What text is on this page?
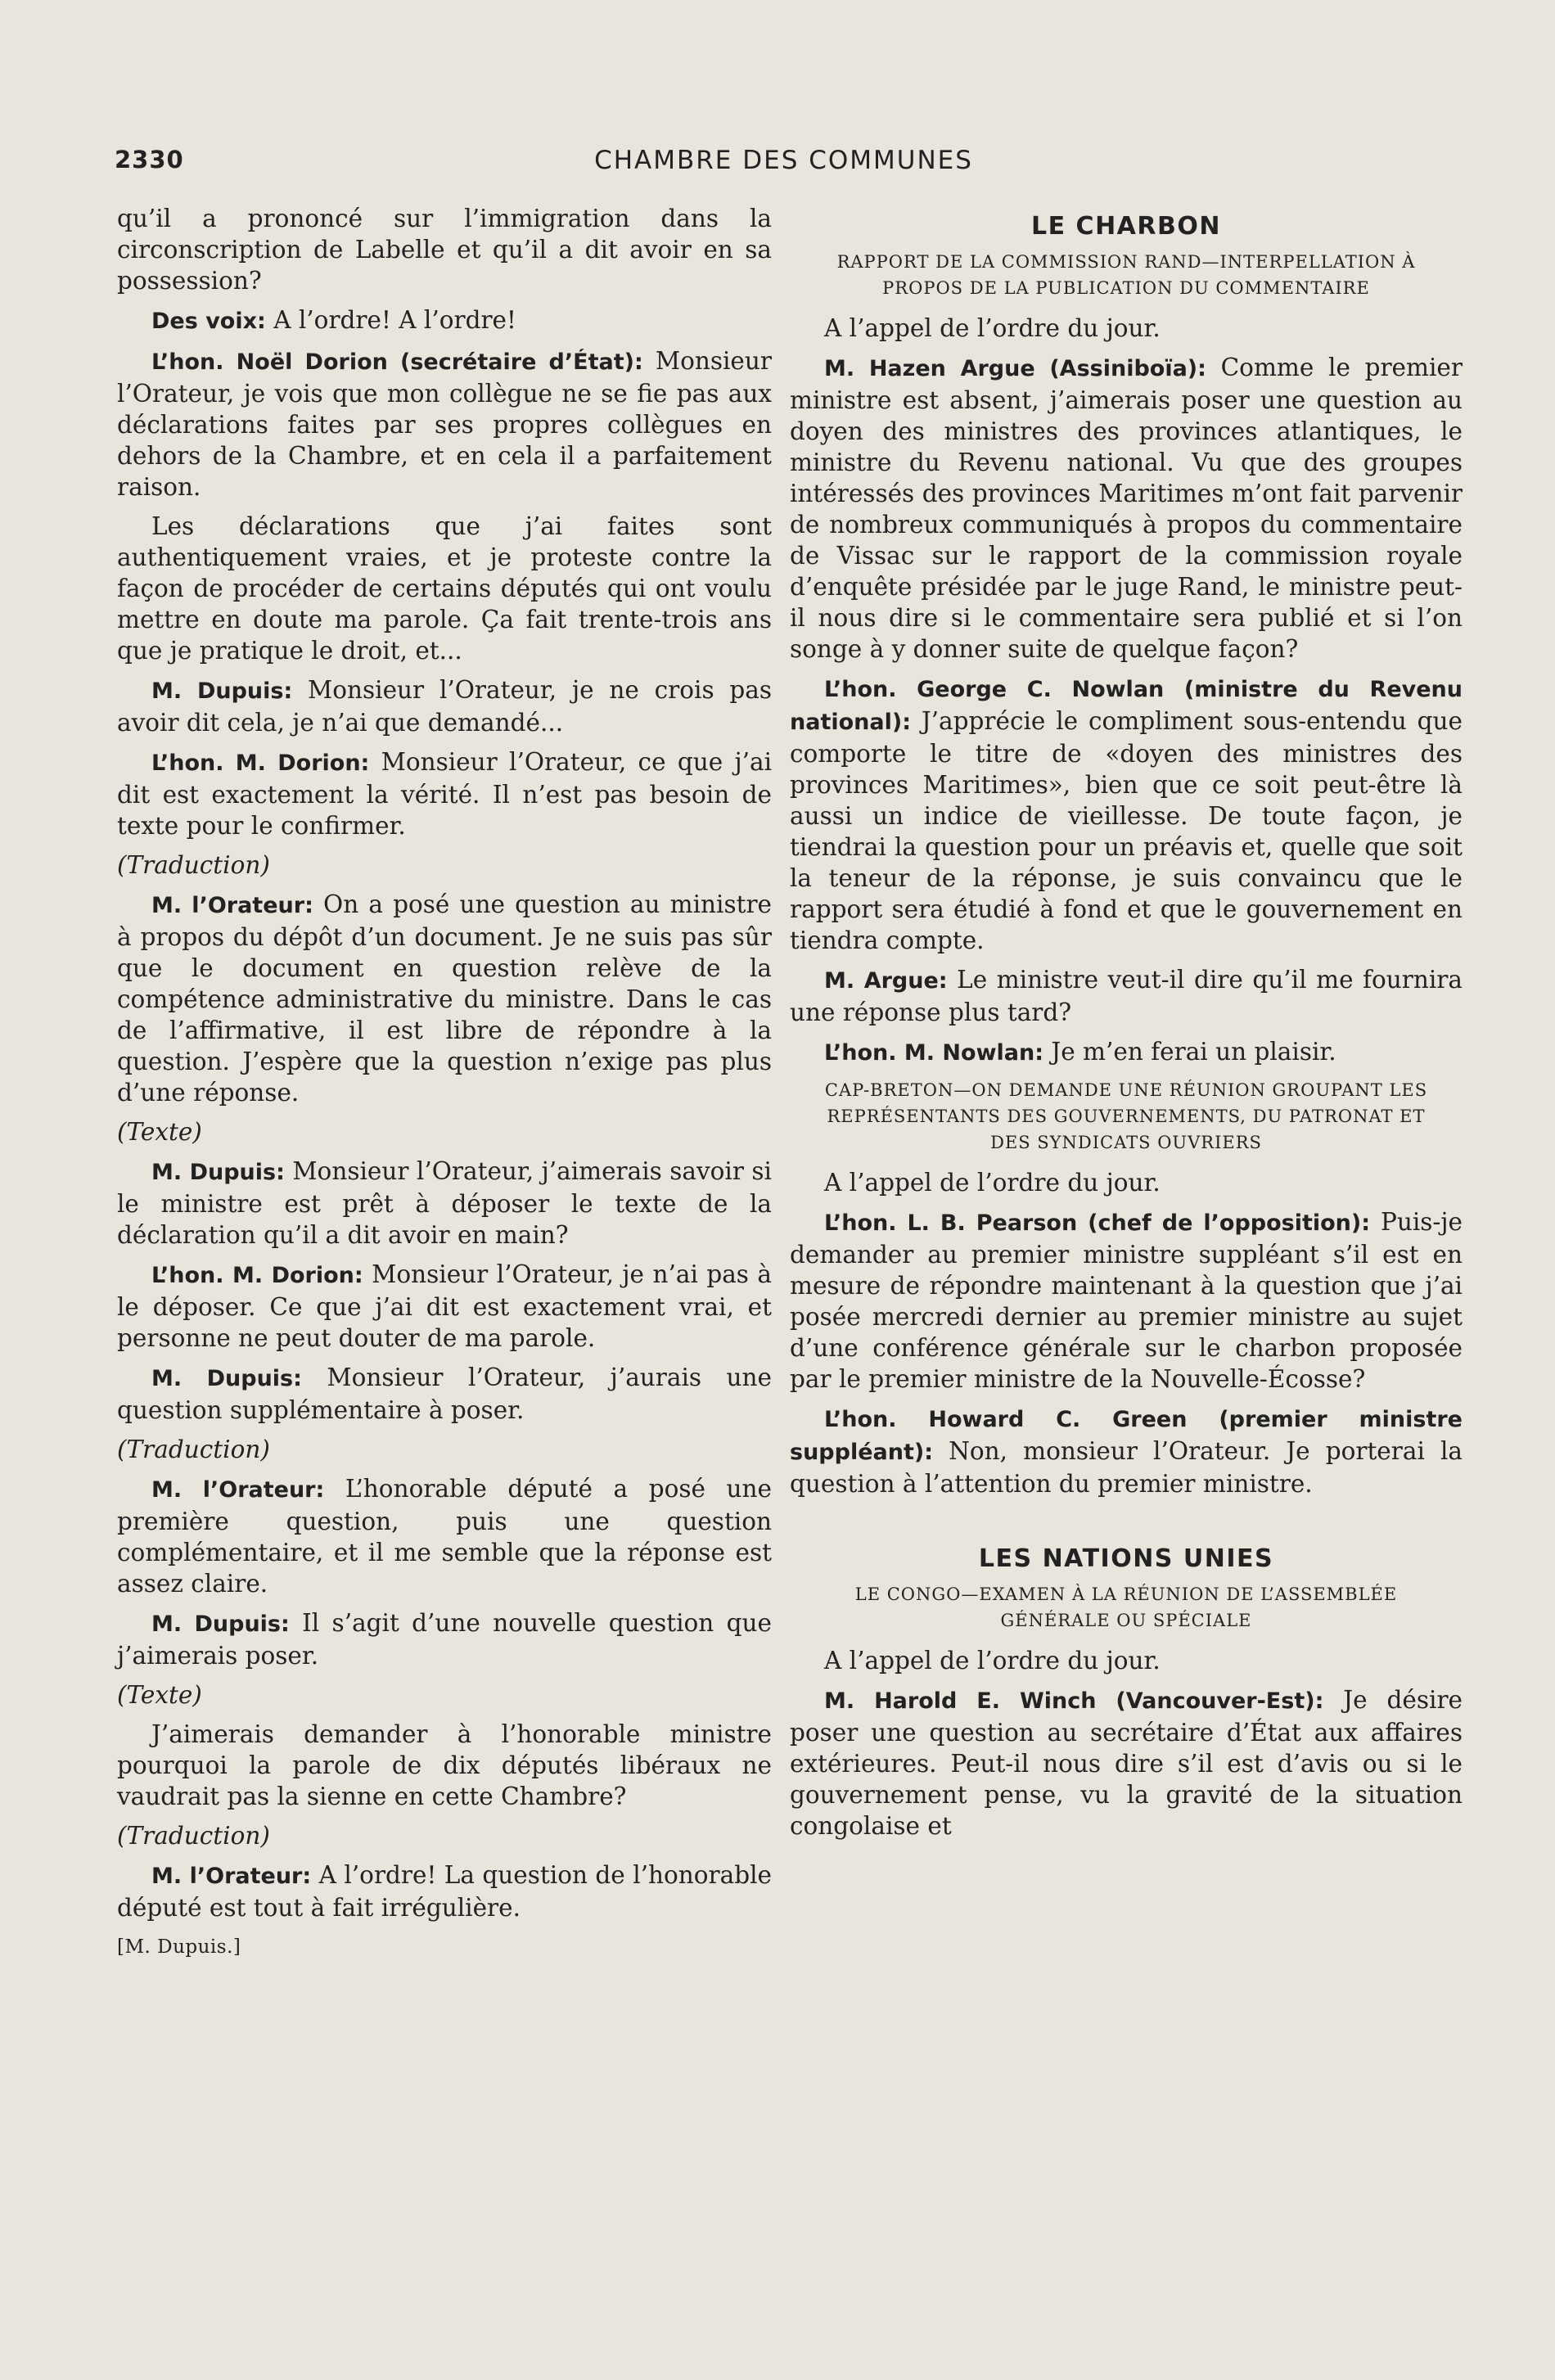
2330	CHAMBRE DES COMMUNES

qu’il a prononcé sur l’immigration dans la circonscription de Labelle et qu’il a dit avoir en sa possession?

Des voix: A l’ordre! A l’ordre!

L’hon. Noël Dorion (secrétaire d’État): Monsieur l’Orateur, je vois que mon collègue ne se fie pas aux déclarations faites par ses propres collègues en dehors de la Chambre, et en cela il a parfaitement raison.

Les déclarations que j’ai faites sont authentiquement vraies, et je proteste contre la façon de procéder de certains députés qui ont voulu mettre en doute ma parole. Ça fait trente-trois ans que je pratique le droit, et...

M. Dupuis: Monsieur l’Orateur, je ne crois pas avoir dit cela, je n’ai que demandé...

L’hon. M. Dorion: Monsieur l’Orateur, ce que j’ai dit est exactement la vérité. Il n’est pas besoin de texte pour le confirmer.

(Traduction)

M. l’Orateur: On a posé une question au ministre à propos du dépôt d’un document. Je ne suis pas sûr que le document en question relève de la compétence administrative du ministre. Dans le cas de l’affirmative, il est libre de répondre à la question. J’espère que la question n’exige pas plus d’une réponse.

(Texte)

M. Dupuis: Monsieur l’Orateur, j’aimerais savoir si le ministre est prêt à déposer le texte de la déclaration qu’il a dit avoir en main?

L’hon. M. Dorion: Monsieur l’Orateur, je n’ai pas à le déposer. Ce que j’ai dit est exactement vrai, et personne ne peut douter de ma parole.

M. Dupuis: Monsieur l’Orateur, j’aurais une question supplémentaire à poser.

(Traduction)

M. l’Orateur: L’honorable député a posé une première question, puis une question complémentaire, et il me semble que la réponse est assez claire.

M. Dupuis: Il s’agit d’une nouvelle question que j’aimerais poser.

(Texte)

J’aimerais demander à l’honorable ministre pourquoi la parole de dix députés libéraux ne vaudrait pas la sienne en cette Chambre?

(Traduction)

M. l’Orateur: A l’ordre! La question de l’honorable député est tout à fait irrégulière.

[M. Dupuis.]
LE CHARBON
RAPPORT DE LA COMMISSION RAND—INTERPELLATION À PROPOS DE LA PUBLICATION DU COMMENTAIRE

A l’appel de l’ordre du jour.

M. Hazen Argue (Assiniboïa): Comme le premier ministre est absent, j’aimerais poser une question au doyen des ministres des provinces atlantiques, le ministre du Revenu national. Vu que des groupes intéressés des provinces Maritimes m’ont fait parvenir de nombreux communiqués à propos du commentaire de Vissac sur le rapport de la commission royale d’enquête présidée par le juge Rand, le ministre peut-il nous dire si le commentaire sera publié et si l’on songe à y donner suite de quelque façon?

L’hon. George C. Nowlan (ministre du Revenu national): J’apprécie le compliment sous-entendu que comporte le titre de «doyen des ministres des provinces Maritimes», bien que ce soit peut-être là aussi un indice de vieillesse. De toute façon, je tiendrai la question pour un préavis et, quelle que soit la teneur de la réponse, je suis convaincu que le rapport sera étudié à fond et que le gouvernement en tiendra compte.

M. Argue: Le ministre veut-il dire qu’il me fournira une réponse plus tard?

L’hon. M. Nowlan: Je m’en ferai un plaisir.

CAP-BRETON—ON DEMANDE UNE RÉUNION GROUPANT LES REPRÉSENTANTS DES GOUVERNEMENTS, DU PATRONAT ET DES SYNDICATS OUVRIERS

A l’appel de l’ordre du jour.

L’hon. L. B. Pearson (chef de l’opposition): Puis-je demander au premier ministre suppléant s’il est en mesure de répondre maintenant à la question que j’ai posée mercredi dernier au premier ministre au sujet d’une conférence générale sur le charbon proposée par le premier ministre de la Nouvelle-Écosse?

L’hon. Howard C. Green (premier ministre suppléant): Non, monsieur l’Orateur. Je porterai la question à l’attention du premier ministre.

LES NATIONS UNIES
LE CONGO—EXAMEN À LA RÉUNION DE L’ASSEMBLÉE GÉNÉRALE OU SPÉCIALE

A l’appel de l’ordre du jour.

M. Harold E. Winch (Vancouver-Est): Je désire poser une question au secrétaire d’État aux affaires extérieures. Peut-il nous dire s’il est d’avis ou si le gouvernement pense, vu la gravité de la situation congolaise et
